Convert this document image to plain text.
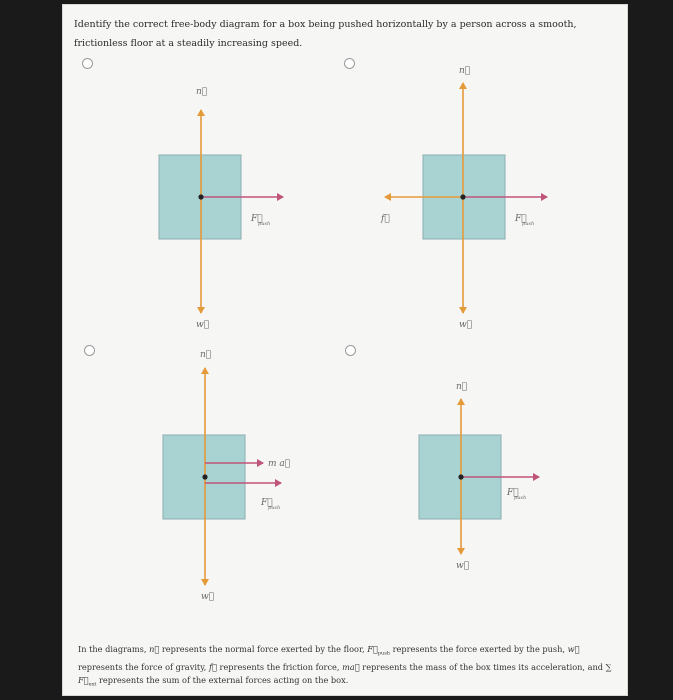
Identify the correct free-body diagram for a box being pushed horizontally by a person across a smooth, frictionless floor at a steadily increasing speed.
n⃗
w⃗
F⃗
push
n⃗
w⃗
f⃗	F⃗
push
n⃗
w⃗
m a⃗
F⃗
push
n⃗
w⃗
F⃗
push
In the diagrams, n⃗ represents the normal force exerted by the floor, $F⃗_{push}$ represents the force exerted by the push, w⃗ represents the force of gravity, f⃗ represents the friction force, ma⃗ represents the mass of the box times its acceleration, and ∑ $F⃗_{ext}$ represents the sum of the external forces acting on the box.
